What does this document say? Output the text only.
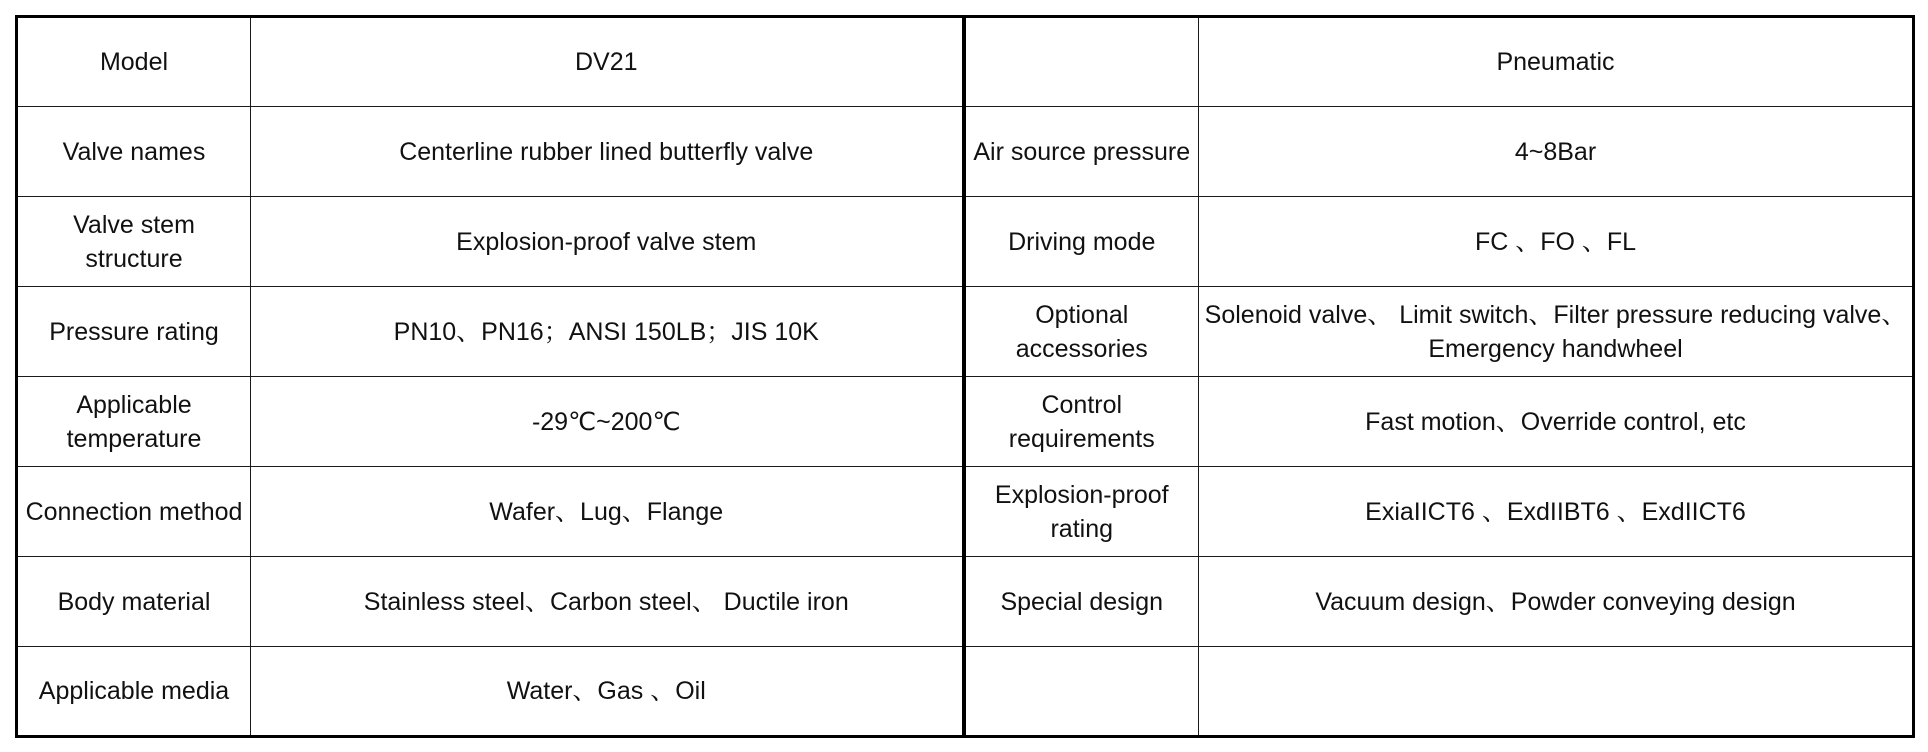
Model	DV21		Pneumatic
Valve names	Centerline rubber lined butterfly valve	Air source pressure	4~8Bar
Valve stem structure	Explosion-proof valve stem	Driving mode	FC 、FO 、FL
Pressure rating	PN10、PN16；ANSI 150LB；JIS 10K	Optional accessories	Solenoid valve、 Limit switch、Filter pressure reducing valve、Emergency handwheel
Applicable temperature	-29℃~200℃	Control requirements	Fast motion、Override control, etc
Connection method	Wafer、Lug、Flange	Explosion-proof rating	ExiaIICT6 、ExdIIBT6 、ExdIICT6
Body material	Stainless steel、Carbon steel、 Ductile iron	Special design	Vacuum design、Powder conveying design
Applicable media	Water、Gas 、Oil		
